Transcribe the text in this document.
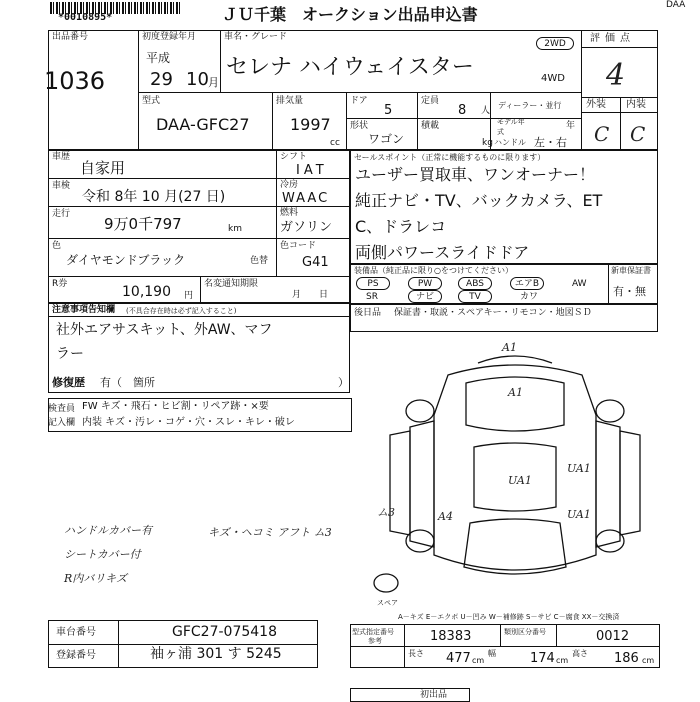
*0010895*	ＪＵ千葉　オークション出品申込書	DAA
出品番号
1036
初度登録年月
平成
29 10 月
車名・グレード
セレナ ハイウェイスター
2WD
4WD
型式
DAA-GFC27
排気量
1997
cc
ドア
5
定員
8 人
ディーラー・並行
形状
ワゴン
積載
kg
モデル年式
年
ハンドル 左・右
評価点
4
外装 内装
C C
車歴
自家用
車検
令和 8年 10 月(27 日)
走行
9万0千797	km
シフト
IAT
冷房
WAAC
燃料
ガソリン
色
ダイヤモンドブラック	色替
色コード
G41
R券	10,190 円
名変通知期限
月　　日
セールスポイント（正常に機能するものに限ります）
ユーザー買取車、ワンオーナー！
純正ナビ・TV、バックカメラ、ET
C、ドラレコ
両側パワースライドドア
装備品（純正品に限り○をつけてください）
PS	PW	ABS	エアB	AW
SR	ナビ	TV	カワ
新車保証書
有・無
後日品 保証書・取説・スペアキー・リモコン・地図ＳＤ
注意事項告知欄 (不具合存在時は必ず記入すること)
社外エアサスキット、外AW、マフ
ラー
修復歴 有（　箇所	）
検査員
記入欄
FW キズ・飛石・ヒビ割・リペア跡・×要
内装 キズ・汚レ・コゲ・穴・スレ・キレ・破レ
ハンドルカバー有
シートカバー付
R内バリキズ
キズ・ヘコミ アフト ム3
スペア
A1
A1
UA1
UA1
UA1
ム3	A4
A－キズ E－エクボ U－凹み W－補修跡 S－サビ C－腐食 XX－交換済
車台番号	GFC27-075418
登録番号	袖ヶ浦 301 す 5245
型式指定番号
参考	18383	類別区分番号	0012
長さ 477 cm
幅	174 cm
高さ 186 cm
初出品
